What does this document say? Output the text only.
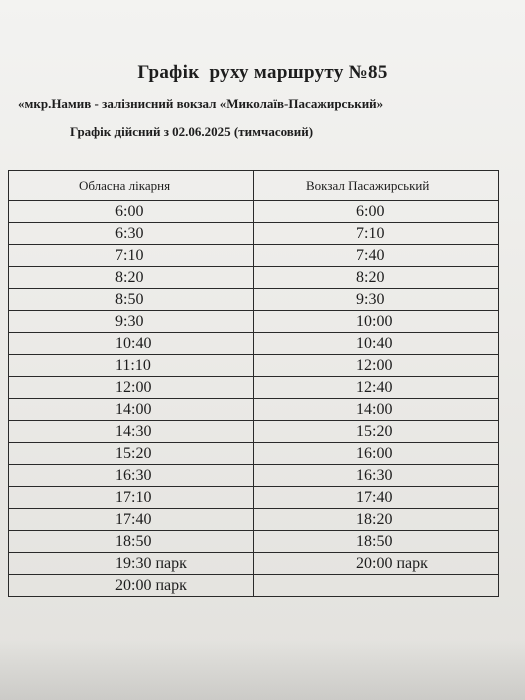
Графік  руху маршруту №85
«мкр.Намив - залізнисний вокзал «Миколаїв-Пасажирський»
Графік дійсний з 02.06.2025 (тимчасовий)
Обласна лікарня	Вокзал Пасажирський
6:00	6:00
6:30	7:10
7:10	7:40
8:20	8:20
8:50	9:30
9:30	10:00
10:40	10:40
11:10	12:00
12:00	12:40
14:00	14:00
14:30	15:20
15:20	16:00
16:30	16:30
17:10	17:40
17:40	18:20
18:50	18:50
19:30 парк	20:00 парк
20:00 парк	
